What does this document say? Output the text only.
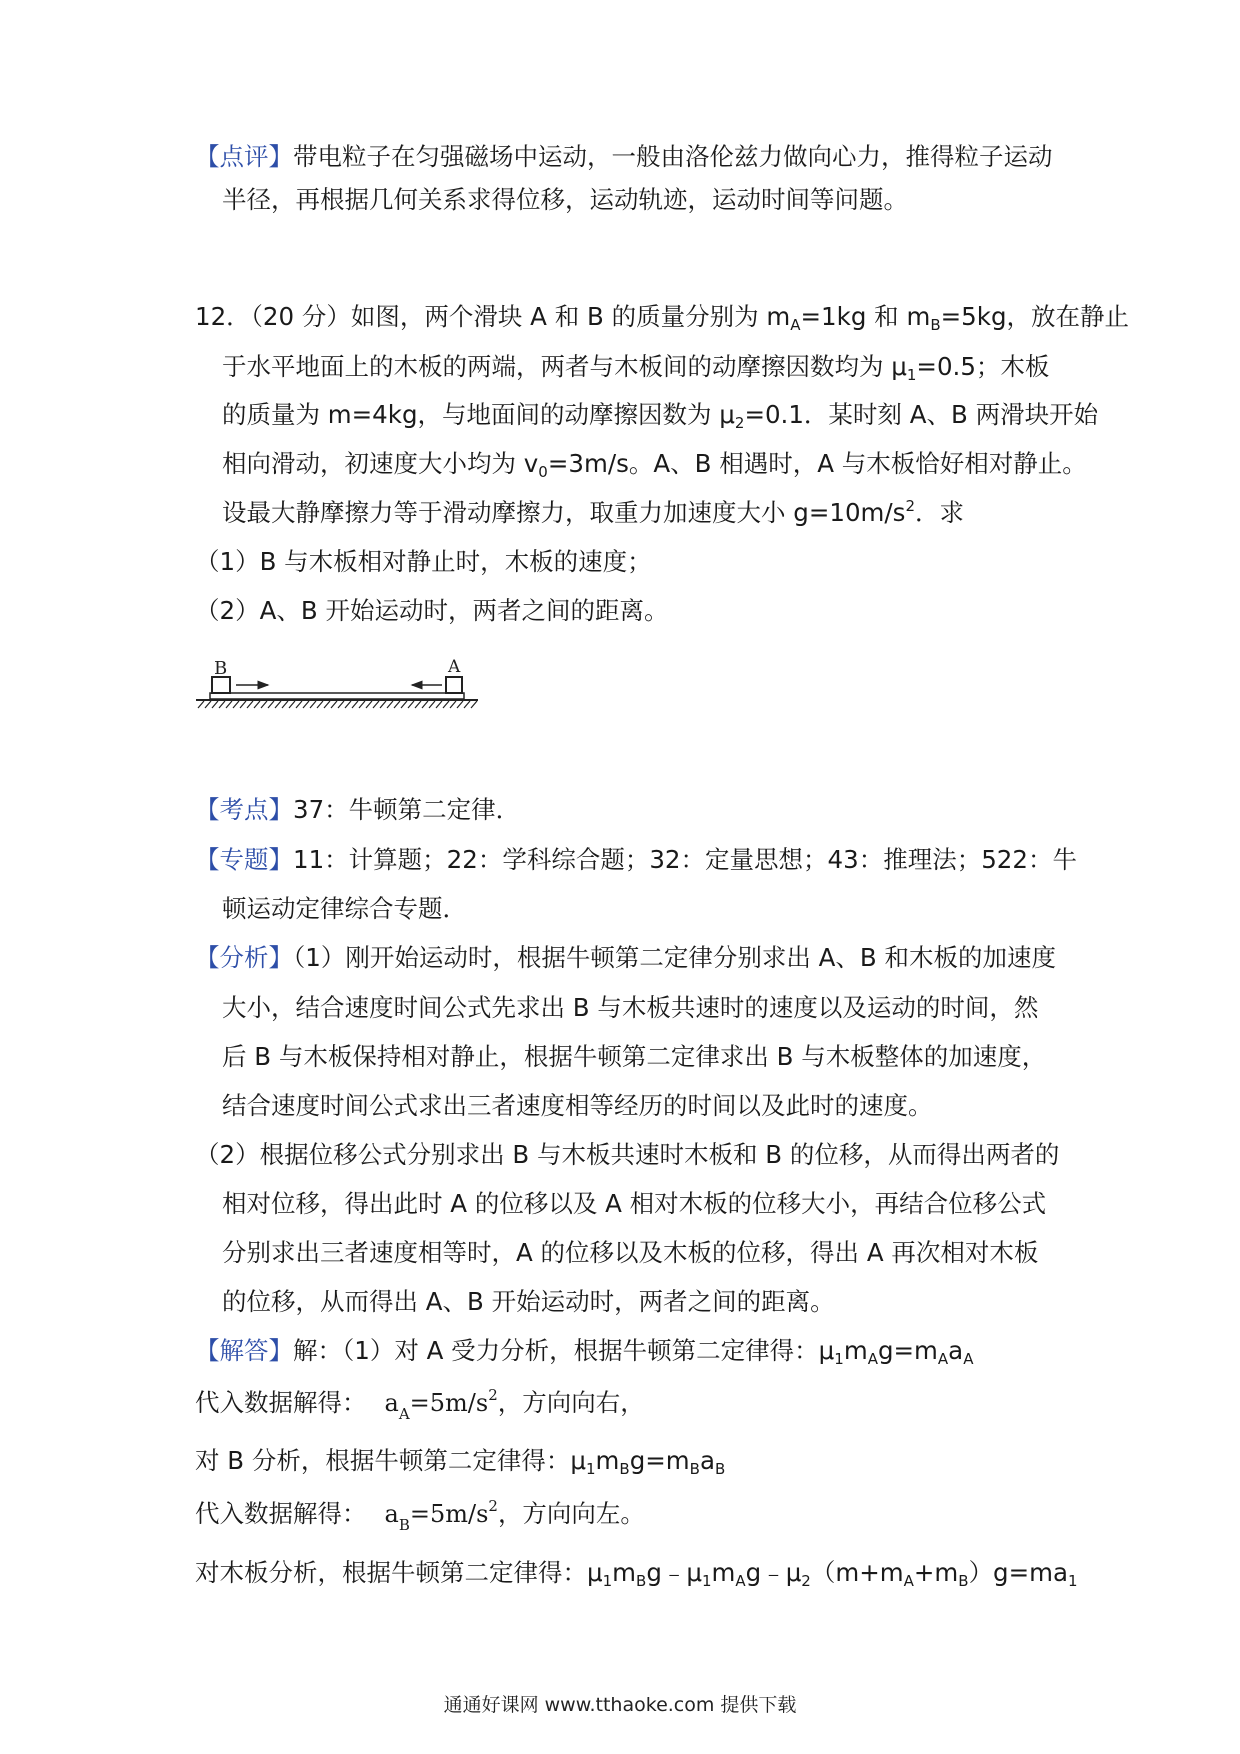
【点评】带电粒子在匀强磁场中运动，一般由洛伦兹力做向心力，推得粒子运动
半径，再根据几何关系求得位移，运动轨迹，运动时间等问题。
12．（20 分）如图，两个滑块 A 和 B 的质量分别为 $m_A=1kg$ 和 $m_B=5kg$，放在静止
于水平地面上的木板的两端，两者与木板间的动摩擦因数均为 $\mu_1=0.5$；木板
的质量为 m=4kg，与地面间的动摩擦因数为 $\mu_2=0.1$．某时刻 A、B 两滑块开始
相向滑动，初速度大小均为 $v_0=3m/s$。A、B 相遇时，A 与木板恰好相对静止。
设最大静摩擦力等于滑动摩擦力，取重力加速度大小 $g=10m/s^2$．求
（1）B 与木板相对静止时，木板的速度；
（2）A、B 开始运动时，两者之间的距离。
B	A
【考点】37：牛顿第二定律．
【专题】11：计算题；22：学科综合题；32：定量思想；43：推理法；522：牛
顿运动定律综合专题．
【分析】（1）刚开始运动时，根据牛顿第二定律分别求出 A、B 和木板的加速度
大小，结合速度时间公式先求出 B 与木板共速时的速度以及运动的时间，然
后 B 与木板保持相对静止，根据牛顿第二定律求出 B 与木板整体的加速度，
结合速度时间公式求出三者速度相等经历的时间以及此时的速度。
（2）根据位移公式分别求出 B 与木板共速时木板和 B 的位移，从而得出两者的
相对位移，得出此时 A 的位移以及 A 相对木板的位移大小，再结合位移公式
分别求出三者速度相等时，A 的位移以及木板的位移，得出 A 再次相对木板
的位移，从而得出 A、B 开始运动时，两者之间的距离。
【解答】解：（1）对 A 受力分析，根据牛顿第二定律得：$\mu_1m_Ag=m_Aa_A$
代入数据解得： $a_A=5m/s^2$，方向向右，
对 B 分析，根据牛顿第二定律得：$\mu_1m_Bg=m_Ba_B$
代入数据解得： $a_B=5m/s^2$，方向向左。
对木板分析，根据牛顿第二定律得：$\mu_1m_Bg﹣\mu_1m_Ag﹣\mu_2(m+m_A+m_B)g=ma_1$
通通好课网 www.tthaoke.com 提供下载
